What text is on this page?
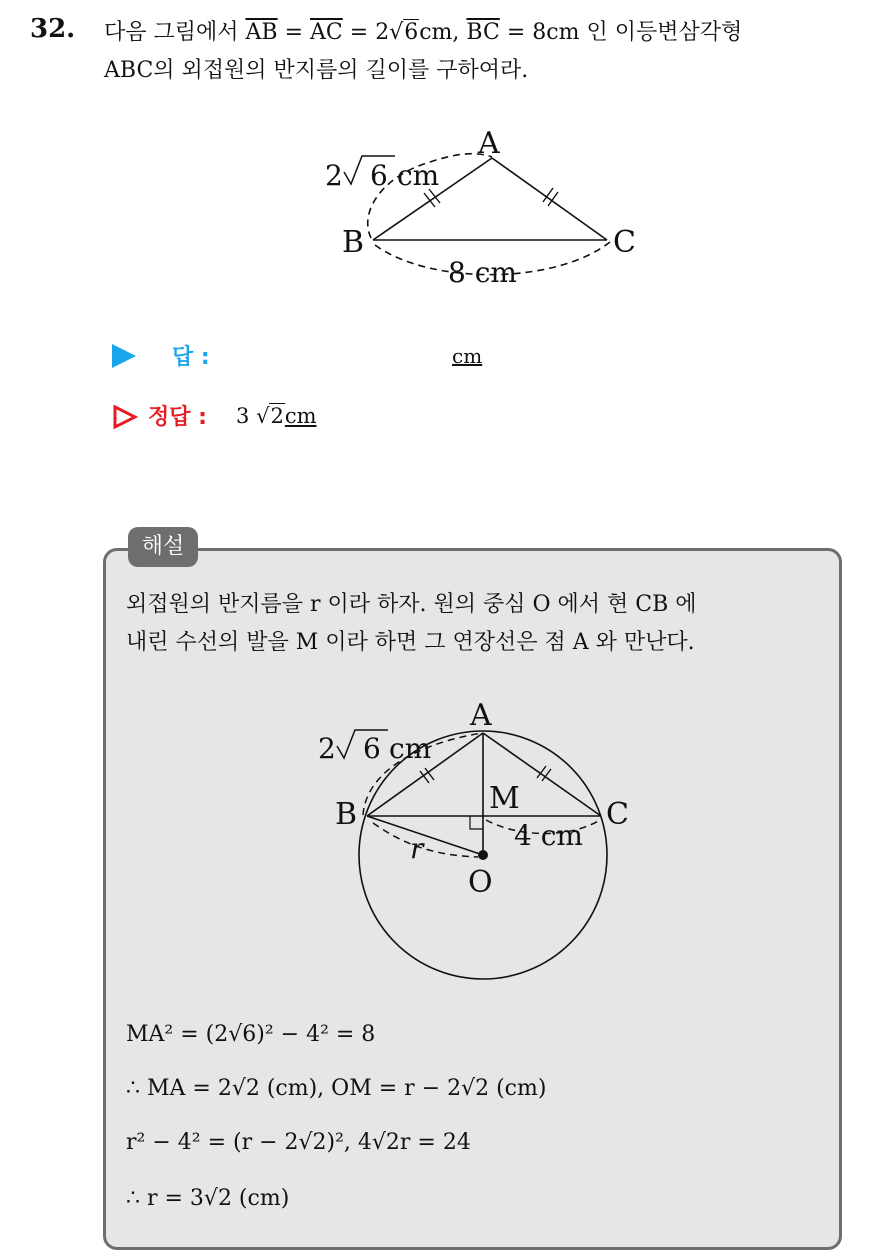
32. 다음 그림에서 $\overline{AB} = \overline{AC} = 2√6cm$, $\overline{BC} = 8cm$ 인 이등변삼각형
ABC의 외접원의 반지름의 길이를 구하여라.
A
B	C
2 6 cm
8 cm
답 :	cm
정답 : 3 √2cm
해설
외접원의 반지름을 r 이라 하자. 원의 중심 O 에서 현 CB 에
내린 수선의 발을 M 이라 하면 그 연장선은 점 A 와 만난다.
A
B	C
M
O
r	4 cm
2 6 cm
MA² = (2√6)² − 4² = 8
∴ MA = 2√2 (cm), OM = r − 2√2 (cm)
r² − 4² = (r − 2√2)², 4√2r = 24
∴ r = 3√2 (cm)
